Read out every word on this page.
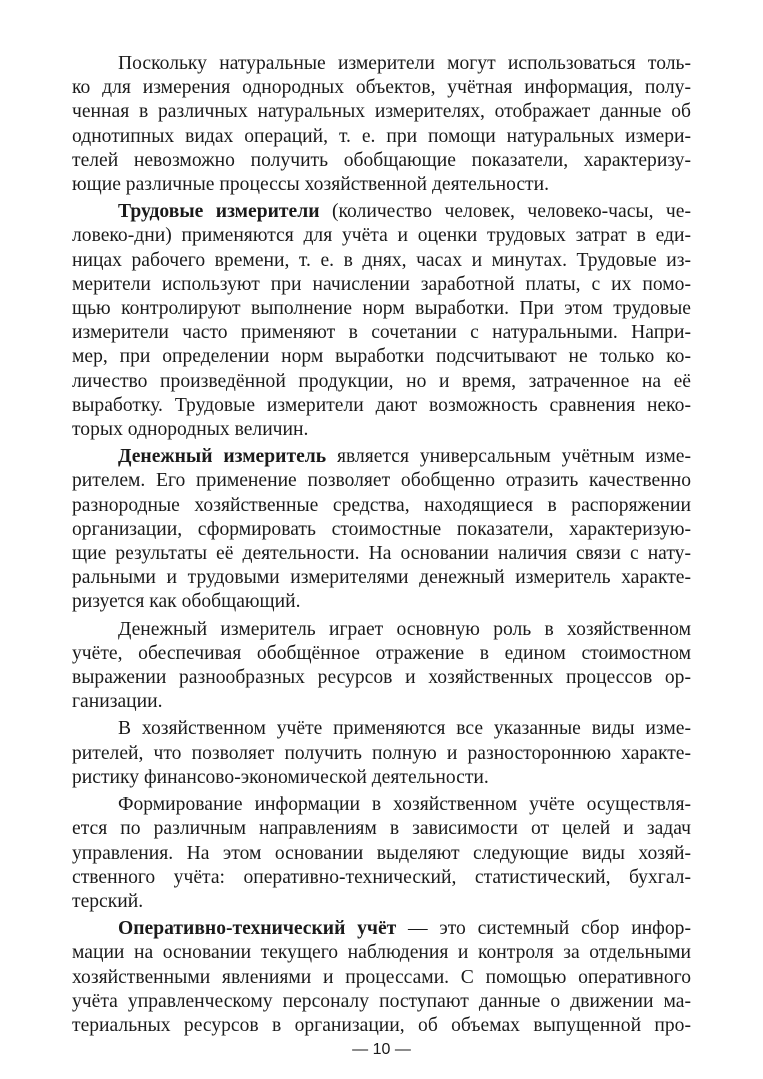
Поскольку натуральные измерители могут использоваться толь-
ко для измерения однородных объектов, учётная информация, полу-
ченная в различных натуральных измерителях, отображает данные об
однотипных видах операций, т. е. при помощи натуральных измери-
телей невозможно получить обобщающие показатели, характеризу-
ющие различные процессы хозяйственной деятельности.
Трудовые измерители (количество человек, человеко-часы, че-
ловеко-дни) применяются для учёта и оценки трудовых затрат в еди-
ницах рабочего времени, т. е. в днях, часах и минутах. Трудовые из-
мерители используют при начислении заработной платы, с их помо-
щью контролируют выполнение норм выработки. При этом трудовые
измерители часто применяют в сочетании с натуральными. Напри-
мер, при определении норм выработки подсчитывают не только ко-
личество произведённой продукции, но и время, затраченное на её
выработку. Трудовые измерители дают возможность сравнения неко-
торых однородных величин.
Денежный измеритель является универсальным учётным изме-
рителем. Его применение позволяет обобщенно отразить качественно
разнородные хозяйственные средства, находящиеся в распоряжении
организации, сформировать стоимостные показатели, характеризую-
щие результаты её деятельности. На основании наличия связи с нату-
ральными и трудовыми измерителями денежный измеритель характе-
ризуется как обобщающий.
Денежный измеритель играет основную роль в хозяйственном
учёте, обеспечивая обобщённое отражение в едином стоимостном
выражении разнообразных ресурсов и хозяйственных процессов ор-
ганизации.
В хозяйственном учёте применяются все указанные виды изме-
рителей, что позволяет получить полную и разностороннюю характе-
ристику финансово-экономической деятельности.
Формирование информации в хозяйственном учёте осуществля-
ется по различным направлениям в зависимости от целей и задач
управления. На этом основании выделяют следующие виды хозяй-
ственного учёта: оперативно-технический, статистический, бухгал-
терский.
Оперативно-технический учёт — это системный сбор инфор-
мации на основании текущего наблюдения и контроля за отдельными
хозяйственными явлениями и процессами. С помощью оперативного
учёта управленческому персоналу поступают данные о движении ма-
териальных ресурсов в организации, об объемах выпущенной про-
— 10 —
